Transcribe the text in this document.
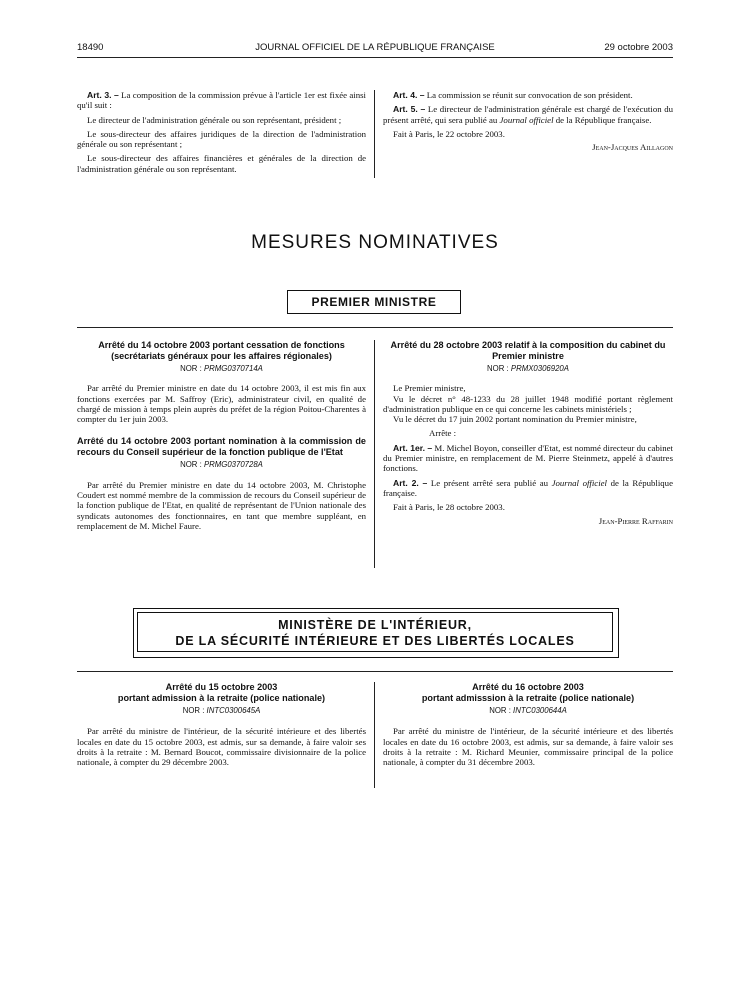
18490	JOURNAL OFFICIEL DE LA RÉPUBLIQUE FRANÇAISE	29 octobre 2003

Art. 3. – La composition de la commission prévue à l'article 1er est fixée ainsi qu'il suit :

Le directeur de l'administration générale ou son représentant, président ;

Le sous-directeur des affaires juridiques de la direction de l'administration générale ou son représentant ;

Le sous-directeur des affaires financières et générales de la direction de l'administration générale ou son représentant.

Art. 4. – La commission se réunit sur convocation de son président.

Art. 5. – Le directeur de l'administration générale est chargé de l'exécution du présent arrêté, qui sera publié au Journal officiel de la République française.

Fait à Paris, le 22 octobre 2003.

Jean-Jacques Aillagon
MESURES NOMINATIVES
PREMIER MINISTRE
Arrêté du 14 octobre 2003 portant cessation de fonctions (secrétariats généraux pour les affaires régionales)
NOR : PRMG0370714A

Par arrêté du Premier ministre en date du 14 octobre 2003, il est mis fin aux fonctions exercées par M. Saffroy (Eric), administrateur civil, en qualité de chargé de mission à temps plein auprès du préfet de la région Poitou-Charentes à compter du 1er juin 2003.

Arrêté du 14 octobre 2003 portant nomination à la commission de recours du Conseil supérieur de la fonction publique de l'Etat
NOR : PRMG0370728A

Par arrêté du Premier ministre en date du 14 octobre 2003, M. Christophe Coudert est nommé membre de la commission de recours du Conseil supérieur de la fonction publique de l'Etat, en qualité de représentant de l'Union nationale des syndicats autonomes des fonctionnaires, en tant que membre suppléant, en remplacement de M. Michel Faure.

Arrêté du 28 octobre 2003 relatif à la composition du cabinet du Premier ministre
NOR : PRMX0306920A

Le Premier ministre,

Vu le décret n° 48-1233 du 28 juillet 1948 modifié portant règlement d'administration publique en ce qui concerne les cabinets ministériels ;

Vu le décret du 17 juin 2002 portant nomination du Premier ministre,

Arrête :

Art. 1er. – M. Michel Boyon, conseiller d'Etat, est nommé directeur du cabinet du Premier ministre, en remplacement de M. Pierre Steinmetz, appelé à d'autres fonctions.

Art. 2. – Le présent arrêté sera publié au Journal officiel de la République française.

Fait à Paris, le 28 octobre 2003.

Jean-Pierre Raffarin
MINISTÈRE DE L'INTÉRIEUR,
DE LA SÉCURITÉ INTÉRIEURE ET DES LIBERTÉS LOCALES
Arrêté du 15 octobre 2003
portant admission à la retraite (police nationale)
NOR : INTC0300645A

Par arrêté du ministre de l'intérieur, de la sécurité intérieure et des libertés locales en date du 15 octobre 2003, est admis, sur sa demande, à faire valoir ses droits à la retraite : M. Bernard Boucot, commissaire divisionnaire de la police nationale, à compter du 29 décembre 2003.

Arrêté du 16 octobre 2003
portant admisssion à la retraite (police nationale)
NOR : INTC0300644A

Par arrêté du ministre de l'intérieur, de la sécurité intérieure et des libertés locales en date du 16 octobre 2003, est admis, sur sa demande, à faire valoir ses droits à la retraite : M. Richard Meunier, commissaire principal de la police nationale, à compter du 31 décembre 2003.
